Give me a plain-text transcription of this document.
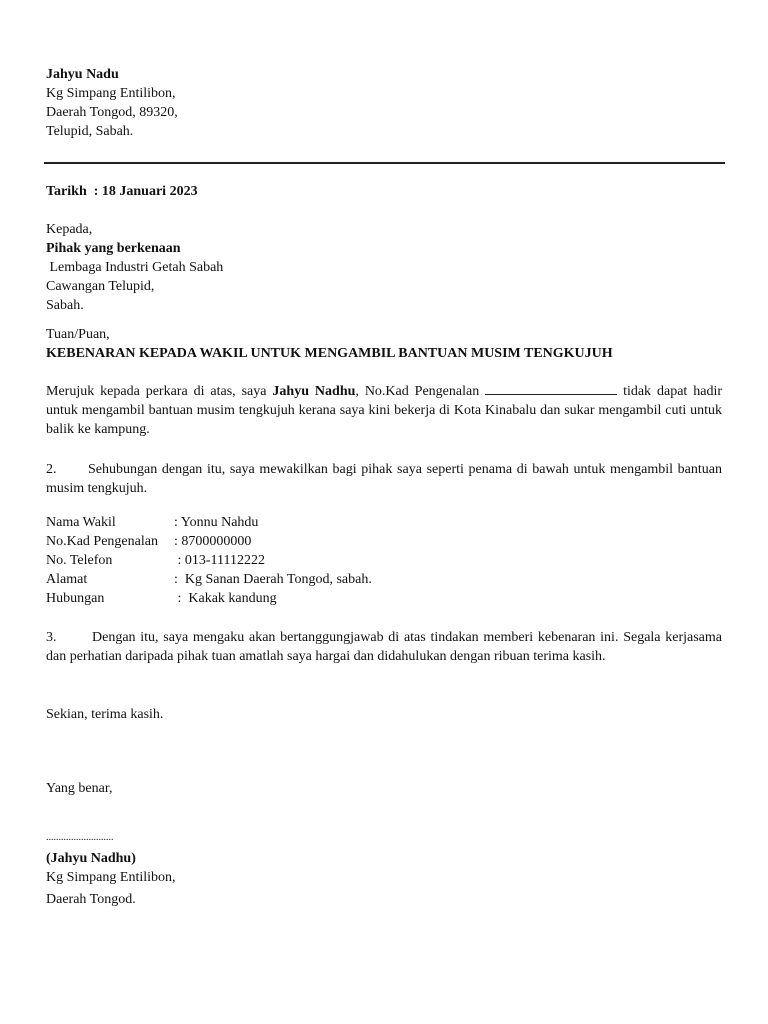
Jahyu Nadu
Kg Simpang Entilibon,
Daerah Tongod, 89320,
Telupid, Sabah.
Tarikh  : 18 Januari 2023
Kepada,
Pihak yang berkenaan
Lembaga Industri Getah Sabah
Cawangan Telupid,
Sabah.
Tuan/Puan,
KEBENARAN KEPADA WAKIL UNTUK MENGAMBIL BANTUAN MUSIM TENGKUJUH
Merujuk kepada perkara di atas, saya Jahyu Nadhu, No.Kad Pengenalan	tidak dapat hadir
untuk mengambil bantuan musim tengkujuh kerana saya kini bekerja di Kota Kinabalu dan sukar mengambil cuti untuk balik ke kampung.
2. Sehubungan dengan itu, saya mewakilkan bagi pihak saya seperti penama di bawah untuk mengambil bantuan musim tengkujuh.
Nama Wakil	: Yonnu Nahdu
No.Kad Pengenalan : 8700000000
No. Telefon	: 013-11112222
Alamat	:  Kg Sanan Daerah Tongod, sabah.
Hubungan	:  Kakak kandung
3.	Dengan itu, saya mengaku akan bertanggungjawab di atas tindakan memberi kebenaran ini. Segala kerjasama dan perhatian daripada pihak tuan amatlah saya hargai dan didahulukan dengan ribuan terima kasih.
Sekian, terima kasih.
Yang benar,
...........................
(Jahyu Nadhu)
Kg Simpang Entilibon,
Daerah Tongod.
